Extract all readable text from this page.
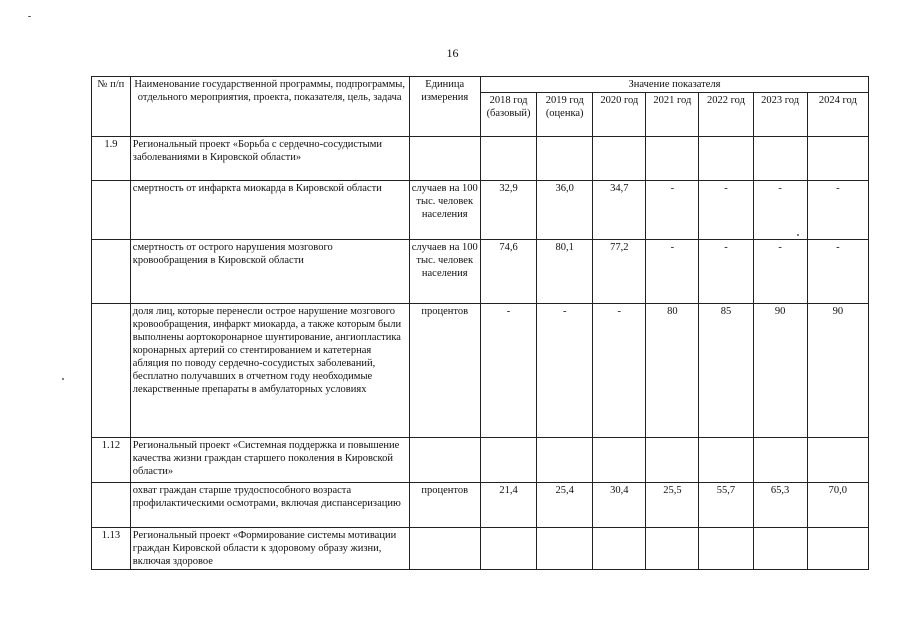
16
№ п/п	Наименование государственной программы, подпрограммы, отдельного мероприятия, проекта, показателя, цель, задача	Единица измерения	Значение показателя						
			2018 год (базовый)	2019 год (оценка)	2020 год	2021 год	2022 год	2023 год	2024 год
1.9	Региональный проект «Борьба с сердечно-сосудистыми заболеваниями в Кировской области»								
	смертность от инфаркта миокарда в Кировской области	случаев на 100 тыс. человек населения	32,9	36,0	34,7	-	-	-	-
	смертность от острого нарушения мозгового кровообращения в Кировской области	случаев на 100 тыс. человек населения	74,6	80,1	77,2	-	-	-	-
	доля лиц, которые перенесли острое нарушение мозгового кровообращения, инфаркт миокарда, а также которым были выполнены аортокоронарное шунтирование, ангиопластика коронарных артерий со стентированием и катетерная абляция по поводу сердечно-сосудистых заболеваний, бесплатно получавших в отчетном году необходимые лекарственные препараты в амбулаторных условиях	процентов	-	-	-	80	85	90	90
1.12	Региональный проект «Системная поддержка и повышение качества жизни граждан старшего поколения в Кировской области»								
	охват граждан старше трудоспособного возраста профилактическими осмотрами, включая диспансеризацию	процентов	21,4	25,4	30,4	25,5	55,7	65,3	70,0
1.13	Региональный проект «Формирование системы мотивации граждан Кировской области к здоровому образу жизни, включая здоровое								
